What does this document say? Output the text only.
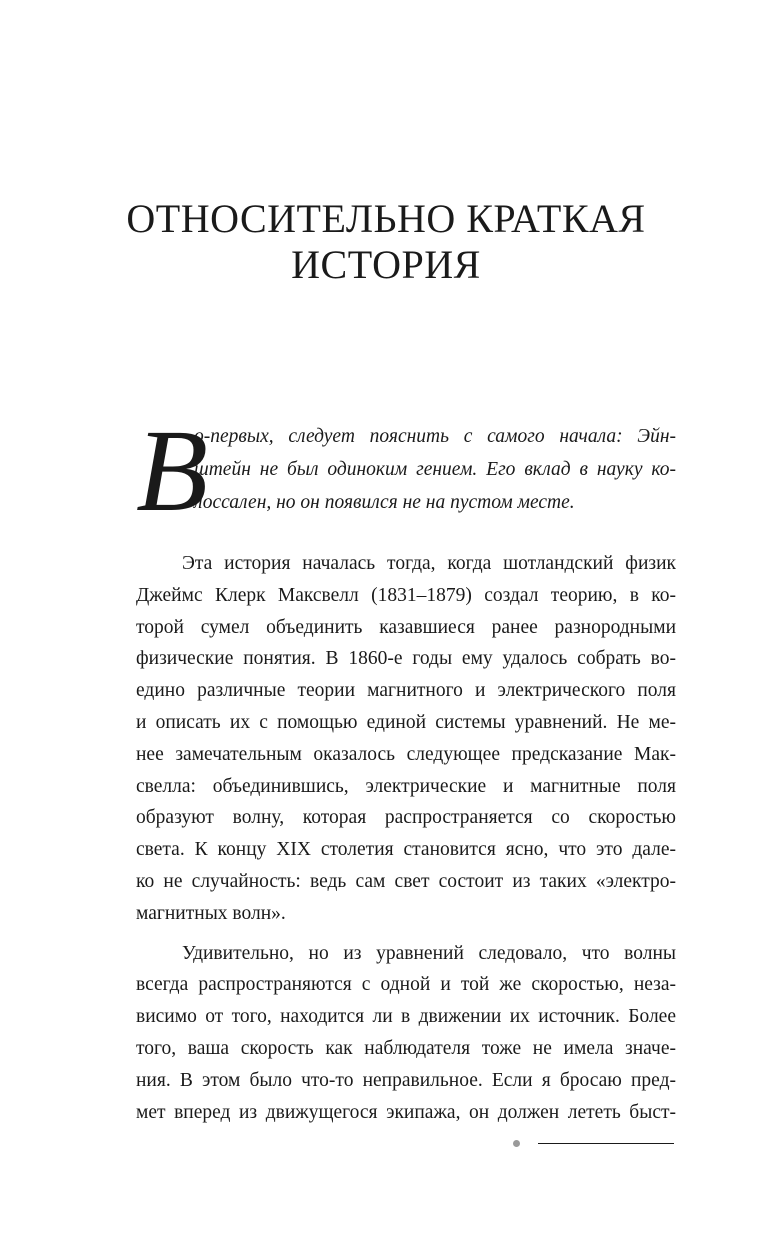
ОТНОСИТЕЛЬНО КРАТКАЯ
ИСТОРИЯ
В
о-первых, следует пояснить с самого начала: Эйн-
штейн не был одиноким гением. Его вклад в науку ко-
лоссален, но он появился не на пустом месте.

Эта история началась тогда, когда шотландский физик
Джеймс Клерк Максвелл (1831–1879) создал теорию, в ко-
торой сумел объединить казавшиеся ранее разнородными
физические понятия. В 1860-е годы ему удалось собрать во-
едино различные теории магнитного и электрического поля
и описать их с помощью единой системы уравнений. Не ме-
нее замечательным оказалось следующее предсказание Мак-
свелла: объединившись, электрические и магнитные поля
образуют волну, которая распространяется со скоростью
света. К концу XIX столетия становится ясно, что это дале-
ко не случайность: ведь сам свет состоит из таких «электро-
магнитных волн».

Удивительно, но из уравнений следовало, что волны
всегда распространяются с одной и той же скоростью, неза-
висимо от того, находится ли в движении их источник. Более
того, ваша скорость как наблюдателя тоже не имела значе-
ния. В этом было что-то неправильное. Если я бросаю пред-
мет вперед из движущегося экипажа, он должен лететь быст-
